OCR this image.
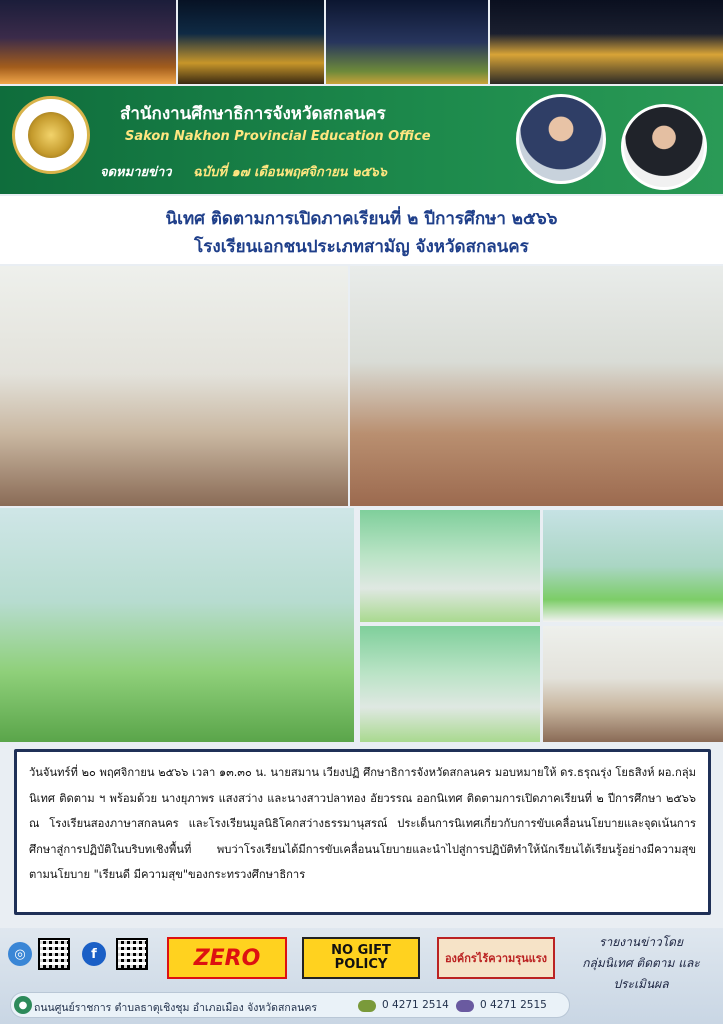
สำนักงานศึกษาธิการจังหวัดสกลนคร
Sakon Nakhon Provincial Education Office
จดหมายข่าว ฉบับที่ ๑๗ เดือนพฤศจิกายน ๒๕๖๖
นิเทศ ติดตามการเปิดภาคเรียนที่ ๒ ปีการศึกษา ๒๕๖๖
โรงเรียนเอกชนประเภทสามัญ จังหวัดสกลนคร

วันจันทร์ที่ ๒๐ พฤศจิกายน ๒๕๖๖ เวลา ๑๓.๓๐ น. นายสมาน เวียงปฏิ ศึกษาธิการจังหวัดสกลนคร มอบหมายให้ ดร.ธรุณรุ่ง โยธสิงห์ ผอ.กลุ่มนิเทศ ติดตาม ฯ พร้อมด้วย นางยุภาพร แสงสว่าง และนางสาวปลาทอง อัยวรรณ ออกนิเทศ ติดตามการเปิดภาคเรียนที่ ๒ ปีการศึกษา ๒๕๖๖ ณ โรงเรียนสองภาษาสกลนคร และโรงเรียนมูลนิธิโคกสว่างธรรมานุสรณ์ ประเด็นการนิเทศเกี่ยวกับการขับเคลื่อนนโยบายและจุดเน้นการศึกษาสู่การปฏิบัติในบริบทเชิงพื้นที่ พบว่าโรงเรียนได้มีการขับเคลื่อนนโยบายและนำไปสู่การปฏิบัติทำให้นักเรียนได้เรียนรู้อย่างมีความสุข ตามนโยบาย "เรียนดี มีความสุข"ของกระทรวงศึกษาธิการ

◎	f	ZERO	NO GIFT
POLICY	องค์กรไร้ความรุนแรง
รายงานข่าวโดย
กลุ่มนิเทศ ติดตาม และ
ประเมินผล
● ถนนศูนย์ราชการ ตำบลธาตุเชิงชุม อำเภอเมือง จังหวัดสกลนคร	0 4271 2514	0 4271 2515
